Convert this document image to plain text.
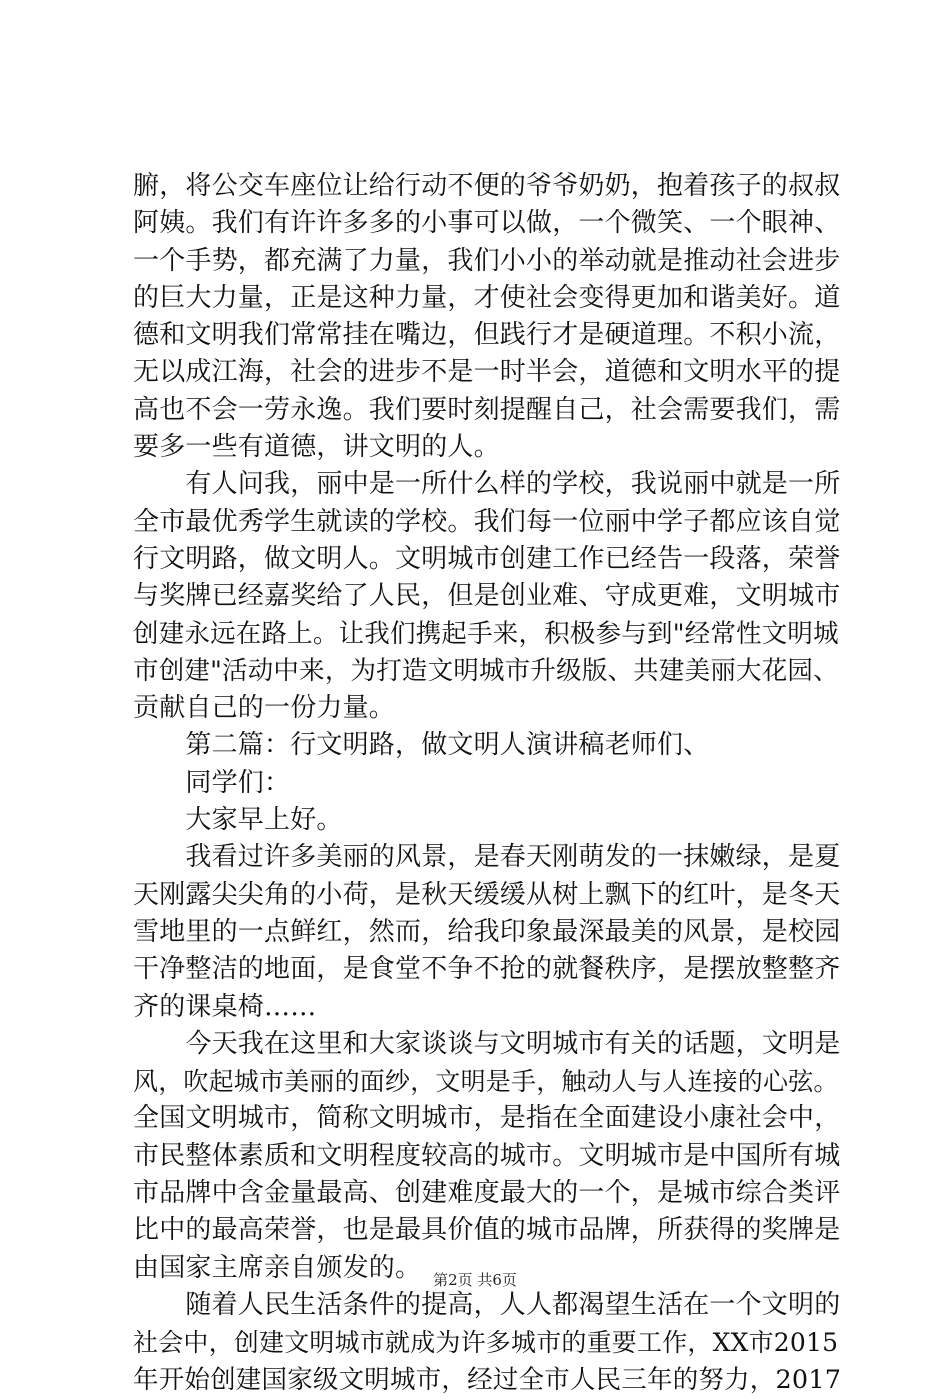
腑，将公交车座位让给行动不便的爷爷奶奶，抱着孩子的叔叔
阿姨。我们有许许多多的小事可以做，一个微笑、一个眼神、
一个手势，都充满了力量，我们小小的举动就是推动社会进步
的巨大力量，正是这种力量，才使社会变得更加和谐美好。道
德和文明我们常常挂在嘴边，但践行才是硬道理。不积小流，
无以成江海，社会的进步不是一时半会，道德和文明水平的提
高也不会一劳永逸。我们要时刻提醒自己，社会需要我们，需
要多一些有道德，讲文明的人。
　　有人问我，丽中是一所什么样的学校，我说丽中就是一所
全市最优秀学生就读的学校。我们每一位丽中学子都应该自觉
行文明路，做文明人。文明城市创建工作已经告一段落，荣誉
与奖牌已经嘉奖给了人民，但是创业难、守成更难，文明城市
创建永远在路上。让我们携起手来，积极参与到"经常性文明城
市创建"活动中来，为打造文明城市升级版、共建美丽大花园、
贡献自己的一份力量。
　　第二篇：行文明路，做文明人演讲稿老师们、
　　同学们：
　　大家早上好。
　　我看过许多美丽的风景，是春天刚萌发的一抹嫩绿，是夏
天刚露尖尖角的小荷，是秋天缓缓从树上飘下的红叶，是冬天
雪地里的一点鲜红，然而，给我印象最深最美的风景，是校园
干净整洁的地面，是食堂不争不抢的就餐秩序，是摆放整整齐
齐的课桌椅……
　　今天我在这里和大家谈谈与文明城市有关的话题，文明是
风，吹起城市美丽的面纱，文明是手，触动人与人连接的心弦。
全国文明城市，简称文明城市，是指在全面建设小康社会中，
市民整体素质和文明程度较高的城市。文明城市是中国所有城
市品牌中含金量最高、创建难度最大的一个，是城市综合类评
比中的最高荣誉，也是最具价值的城市品牌，所获得的奖牌是
由国家主席亲自颁发的。
　　随着人民生活条件的提高，人人都渴望生活在一个文明的
社会中，创建文明城市就成为许多城市的重要工作，XX市2015
年开始创建国家级文明城市，经过全市人民三年的努力，2017
第2页 共6页
